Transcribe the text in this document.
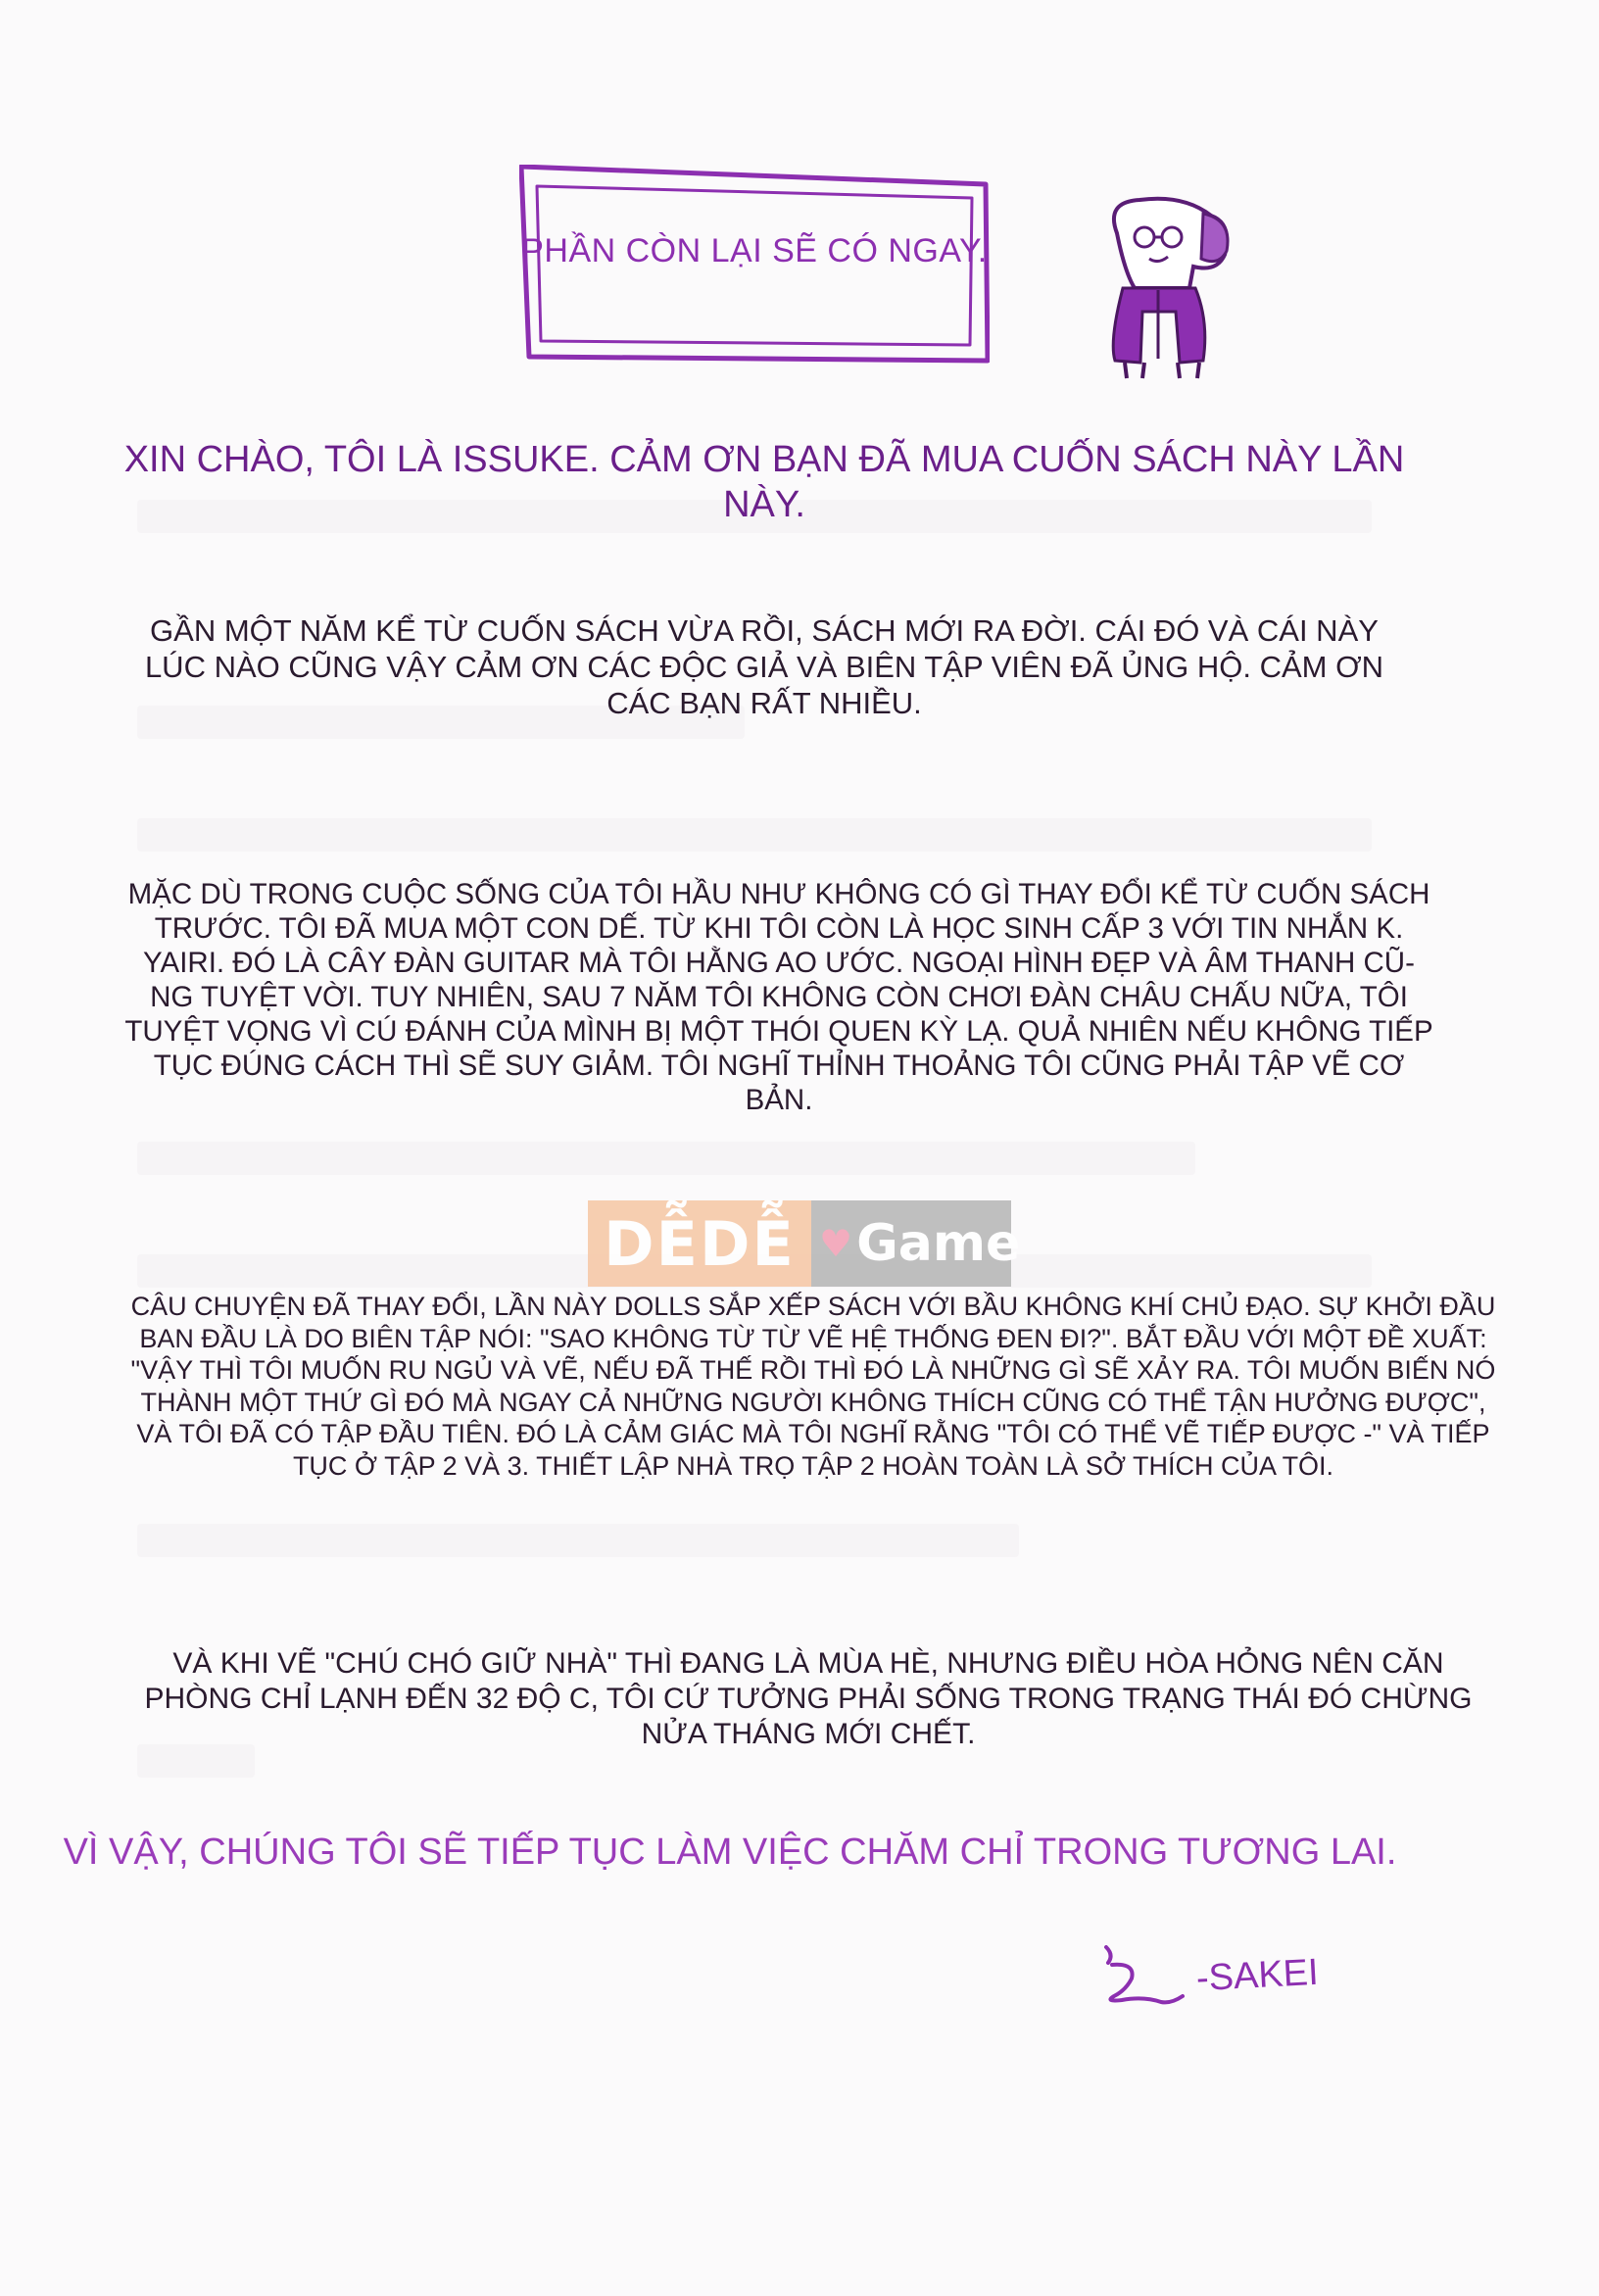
PHẦN CÒN LẠI SẼ CÓ NGAY.

XIN CHÀO, TÔI LÀ ISSUKE. CẢM ƠN BẠN ĐÃ MUA CUỐN SÁCH NÀY LẦN NÀY.

GẦN MỘT NĂM KỂ TỪ CUỐN SÁCH VỪA RỒI, SÁCH MỚI RA ĐỜI. CÁI ĐÓ VÀ CÁI NÀY LÚC NÀO CŨNG VẬY CẢM ƠN CÁC ĐỘC GIẢ VÀ BIÊN TẬP VIÊN ĐÃ ỦNG HỘ. CẢM ƠN CÁC BẠN RẤT NHIỀU.

MẶC DÙ TRONG CUỘC SỐNG CỦA TÔI HẦU NHƯ KHÔNG CÓ GÌ THAY ĐỔI KỂ TỪ CUỐN SÁCH TRƯỚC. TÔI ĐÃ MUA MỘT CON DẾ. TỪ KHI TÔI CÒN LÀ HỌC SINH CẤP 3 VỚI TIN NHẮN K. YAIRI. ĐÓ LÀ CÂY ĐÀN GUITAR MÀ TÔI HẰNG AO ƯỚC. NGOẠI HÌNH ĐẸP VÀ ÂM THANH CŨ-NG TUYỆT VỜI. TUY NHIÊN, SAU 7 NĂM TÔI KHÔNG CÒN CHƠI ĐÀN CHÂU CHẤU NỮA, TÔI TUYỆT VỌNG VÌ CÚ ĐÁNH CỦA MÌNH BỊ MỘT THÓI QUEN KỲ LẠ. QUẢ NHIÊN NẾU KHÔNG TIẾP TỤC ĐÚNG CÁCH THÌ SẼ SUY GIẢM. TÔI NGHĨ THỈNH THOẢNG TÔI CŨNG PHẢI TẬP VẼ CƠ BẢN.

DỄDỄ ♥ Game

CÂU CHUYỆN ĐÃ THAY ĐỔI, LẦN NÀY DOLLS SẮP XẾP SÁCH VỚI BẦU KHÔNG KHÍ CHỦ ĐẠO. SỰ KHỞI ĐẦU BAN ĐẦU LÀ DO BIÊN TẬP NÓI: "SAO KHÔNG TỪ TỪ VẼ HỆ THỐNG ĐEN ĐI?". BẮT ĐẦU VỚI MỘT ĐỀ XUẤT: "VẬY THÌ TÔI MUỐN RU NGỦ VÀ VẼ, NẾU ĐÃ THẾ RỒI THÌ ĐÓ LÀ NHỮNG GÌ SẼ XẢY RA. TÔI MUỐN BIẾN NÓ THÀNH MỘT THỨ GÌ ĐÓ MÀ NGAY CẢ NHỮNG NGƯỜI KHÔNG THÍCH CŨNG CÓ THỂ TẬN HƯỞNG ĐƯỢC", VÀ TÔI ĐÃ CÓ TẬP ĐẦU TIÊN. ĐÓ LÀ CẢM GIÁC MÀ TÔI NGHĨ RẰNG "TÔI CÓ THỂ VẼ TIẾP ĐƯỢC -" VÀ TIẾP TỤC Ở TẬP 2 VÀ 3. THIẾT LẬP NHÀ TRỌ TẬP 2 HOÀN TOÀN LÀ SỞ THÍCH CỦA TÔI.

VÀ KHI VẼ "CHÚ CHÓ GIỮ NHÀ" THÌ ĐANG LÀ MÙA HÈ, NHƯNG ĐIỀU HÒA HỎNG NÊN CĂN PHÒNG CHỈ LẠNH ĐẾN 32 ĐỘ C, TÔI CỨ TƯỞNG PHẢI SỐNG TRONG TRẠNG THÁI ĐÓ CHỪNG NỬA THÁNG MỚI CHẾT.

VÌ VẬY, CHÚNG TÔI SẼ TIẾP TỤC LÀM VIỆC CHĂM CHỈ TRONG TƯƠNG LAI.

-SAKEI
